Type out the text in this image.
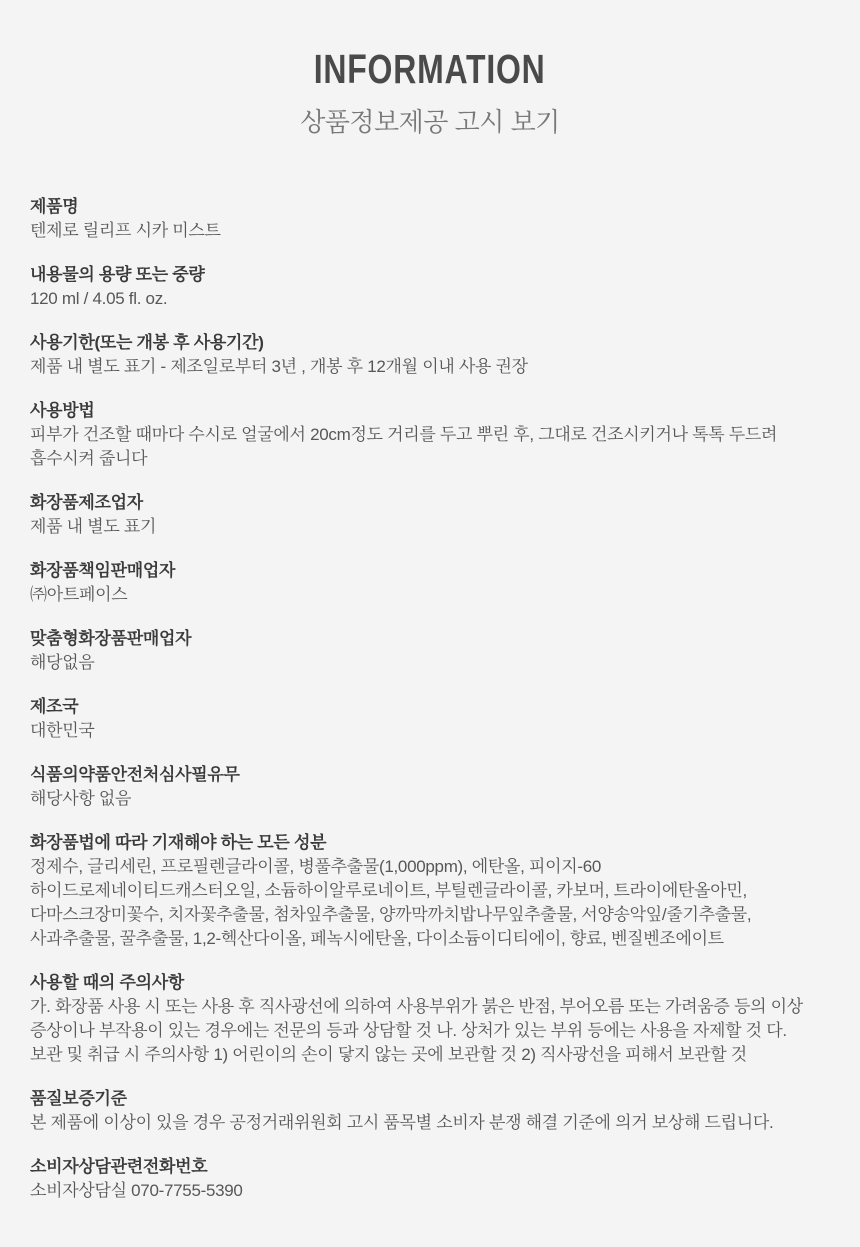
INFORMATION
상품정보제공 고시 보기
제품명
텐제로 릴리프 시카 미스트
내용물의 용량 또는 중량
120 ml / 4.05 fl. oz.
사용기한(또는 개봉 후 사용기간)
제품 내 별도 표기 - 제조일로부터 3년 , 개봉 후 12개월 이내 사용 권장
사용방법
피부가 건조할 때마다 수시로 얼굴에서 20cm정도 거리를 두고 뿌린 후, 그대로 건조시키거나 톡톡 두드려
흡수시켜 줍니다
화장품제조업자
제품 내 별도 표기
화장품책임판매업자
㈜아트페이스
맞춤형화장품판매업자
해당없음
제조국
대한민국
식품의약품안전처심사필유무
해당사항 없음
화장품법에 따라 기재해야 하는 모든 성분
정제수, 글리세린, 프로필렌글라이콜, 병풀추출물(1,000ppm), 에탄올, 피이지-60
하이드로제네이티드캐스터오일, 소듐하이알루로네이트, 부틸렌글라이콜, 카보머, 트라이에탄올아민,
다마스크장미꽃수, 치자꽃추출물, 첨차잎추출물, 양까막까치밥나무잎추출물, 서양송악잎/줄기추출물,
사과추출물, 꿀추출물, 1,2-헥산다이올, 페녹시에탄올, 다이소듐이디티에이, 향료, 벤질벤조에이트
사용할 때의 주의사항
가. 화장품 사용 시 또는 사용 후 직사광선에 의하여 사용부위가 붉은 반점, 부어오름 또는 가려움증 등의 이상
증상이나 부작용이 있는 경우에는 전문의 등과 상담할 것 나. 상처가 있는 부위 등에는 사용을 자제할 것 다.
보관 및 취급 시 주의사항 1) 어린이의 손이 닿지 않는 곳에 보관할 것 2) 직사광선을 피해서 보관할 것
품질보증기준
본 제품에 이상이 있을 경우 공정거래위원회 고시 품목별 소비자 분쟁 해결 기준에 의거 보상해 드립니다.
소비자상담관련전화번호
소비자상담실 070-7755-5390
